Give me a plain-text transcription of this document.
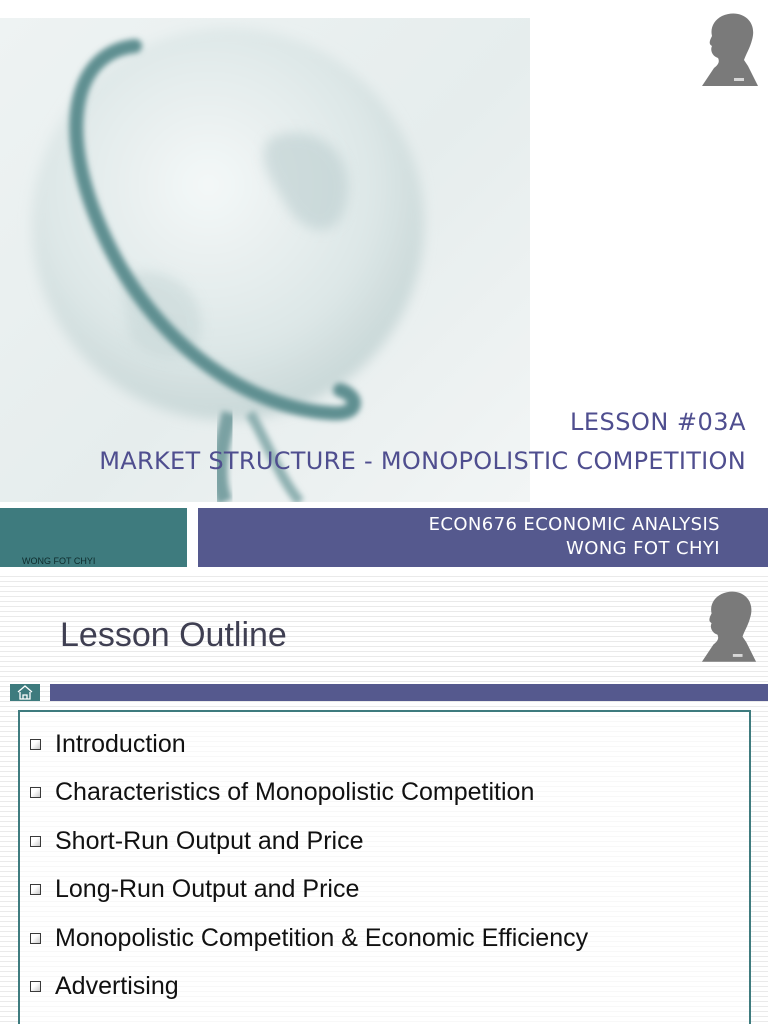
LESSON #03A
MARKET STRUCTURE - MONOPOLISTIC COMPETITION
WONG FOT CHYI
ECON676 ECONOMIC ANALYSIS
WONG FOT CHYI
Lesson Outline
Introduction
Characteristics of Monopolistic Competition
Short-Run Output and Price
Long-Run Output and Price
Monopolistic Competition & Economic Efficiency
Advertising
